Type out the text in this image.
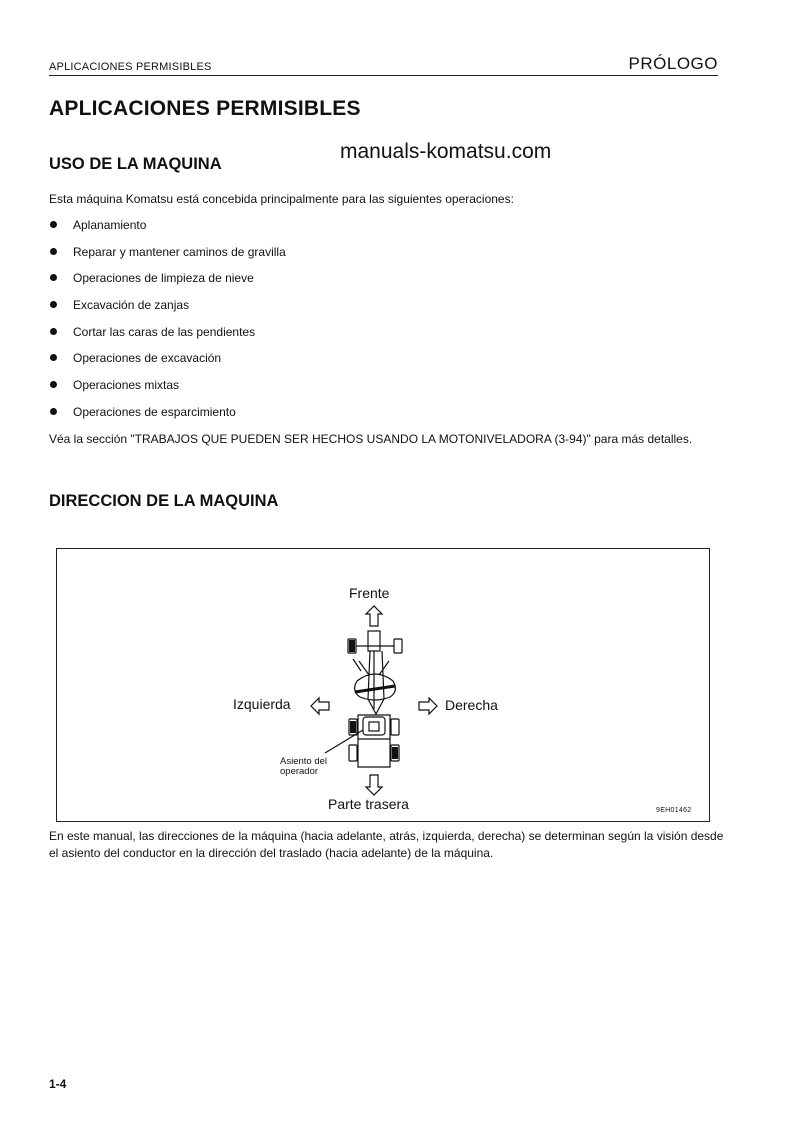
APLICACIONES PERMISIBLES	PRÓLOGO
APLICACIONES PERMISIBLES
manuals-komatsu.com
USO DE LA MAQUINA

Esta máquina Komatsu está concebida principalmente para las siguientes operaciones:

Aplanamiento
Reparar y mantener caminos de gravilla
Operaciones de limpieza de nieve
Excavación de zanjas
Cortar las caras de las pendientes
Operaciones de excavación
Operaciones mixtas
Operaciones de esparcimiento

Véa la sección "TRABAJOS QUE PUEDEN SER HECHOS USANDO LA MOTONIVELADORA (3-94)" para más detalles.

DIRECCION DE LA MAQUINA
Frente
Izquierda	Derecha
Parte trasera
Asiento del
operador
9EH01462

En este manual, las direcciones de la máquina (hacia adelante, atrás, izquierda, derecha) se determinan según la visión desde el asiento del conductor en la dirección del traslado (hacia adelante) de la máquina.

1-4
